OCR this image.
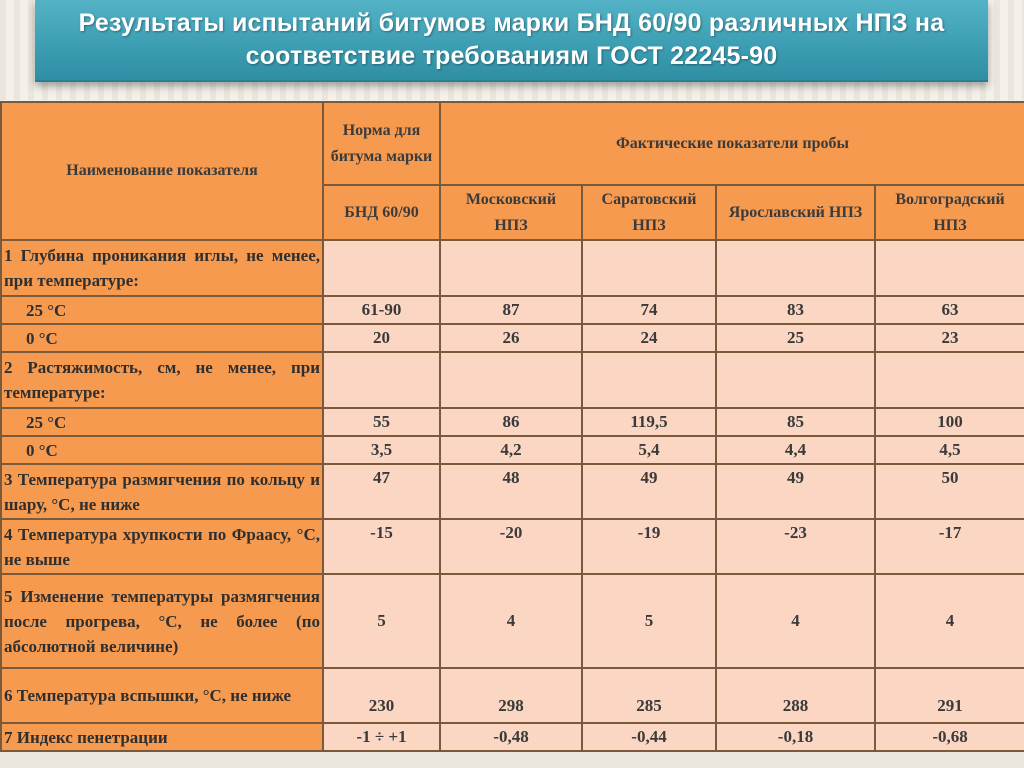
Результаты испытаний битумов марки БНД 60/90 различных НПЗ на соответствие требованиям ГОСТ 22245-90
Наименование показателя	Норма для битума марки	Фактические показатели пробы			
	БНД 60/90	Московский НПЗ	Саратовский НПЗ	Ярославский НПЗ	Волгоградский НПЗ
1 Глубина проникания иглы, не менее, при температуре:					
25 °С	61-90	87	74	83	63
0 °С	20	26	24	25	23
2 Растяжимость, см, не менее, при температуре:					
25 °С	55	86	119,5	85	100
0 °С	3,5	4,2	5,4	4,4	4,5
3 Температура размягчения по кольцу и шару, °С, не ниже	47	48	49	49	50
4 Температура хрупкости по Фраасу, °С, не выше	-15	-20	-19	-23	-17
5 Изменение температуры размягчения после прогрева, °С, не более (по абсолютной величине)	5	4	5	4	4
6 Температура вспышки, °С, не ниже	230	298	285	288	291
7 Индекс пенетрации	-1 ÷ +1	-0,48	-0,44	-0,18	-0,68
